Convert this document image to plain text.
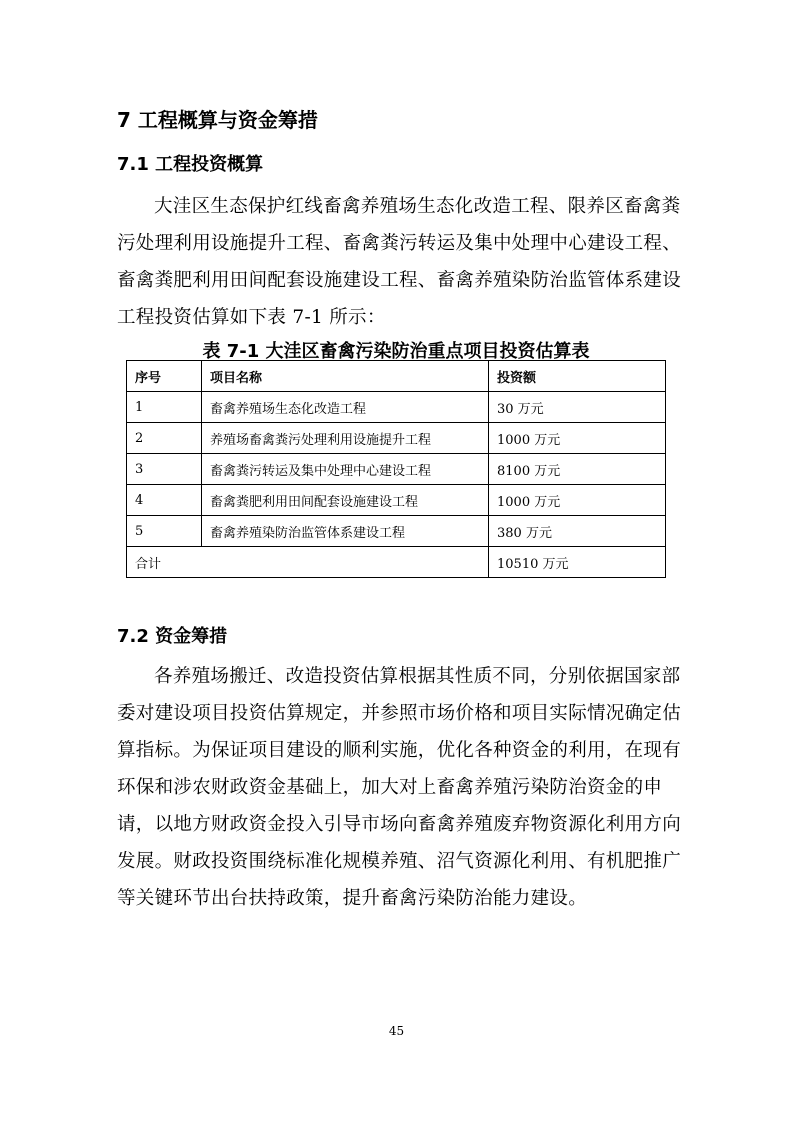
7 工程概算与资金筹措
7.1 工程投资概算
大洼区生态保护红线畜禽养殖场生态化改造工程、限养区畜禽粪污处理利用设施提升工程、畜禽粪污转运及集中处理中心建设工程、畜禽粪肥利用田间配套设施建设工程、畜禽养殖染防治监管体系建设工程投资估算如下表 7-1 所示：
表 7-1 大洼区畜禽污染防治重点项目投资估算表
序号	项目名称	投资额
1	畜禽养殖场生态化改造工程	30 万元
2	养殖场畜禽粪污处理利用设施提升工程	1000 万元
3	畜禽粪污转运及集中处理中心建设工程	8100 万元
4	畜禽粪肥利用田间配套设施建设工程	1000 万元
5	畜禽养殖染防治监管体系建设工程	380 万元
合计		10510 万元
7.2 资金筹措
各养殖场搬迁、改造投资估算根据其性质不同，分别依据国家部委对建设项目投资估算规定，并参照市场价格和项目实际情况确定估算指标。为保证项目建设的顺利实施，优化各种资金的利用，在现有环保和涉农财政资金基础上，加大对上畜禽养殖污染防治资金的申请，以地方财政资金投入引导市场向畜禽养殖废弃物资源化利用方向发展。财政投资围绕标准化规模养殖、沼气资源化利用、有机肥推广等关键环节出台扶持政策，提升畜禽污染防治能力建设。
45
